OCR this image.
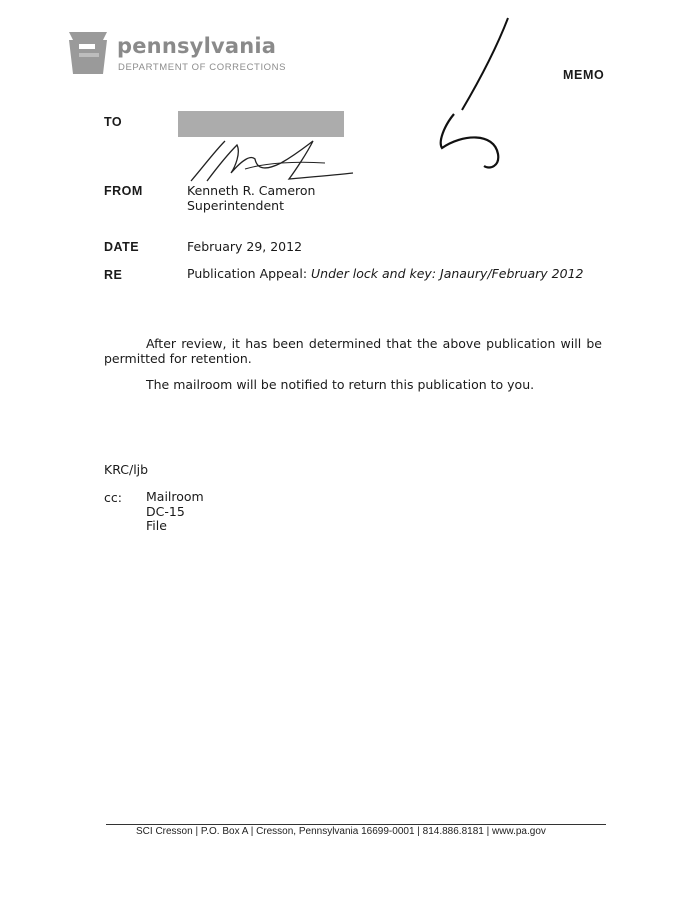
pennsylvania
DEPARTMENT OF CORRECTIONS
MEMO
TO
FROM	Kenneth R. Cameron
Superintendent
DATE	February 29, 2012
RE	Publication Appeal: Under lock and key: Janaury/February 2012
After review, it has been determined that the above publication will be permitted for retention.
The mailroom will be notified to return this publication to you.
KRC/ljb
cc: Mailroom
DC-15
File
SCI Cresson | P.O. Box A | Cresson, Pennsylvania 16699-0001 | 814.886.8181 | www.pa.gov
